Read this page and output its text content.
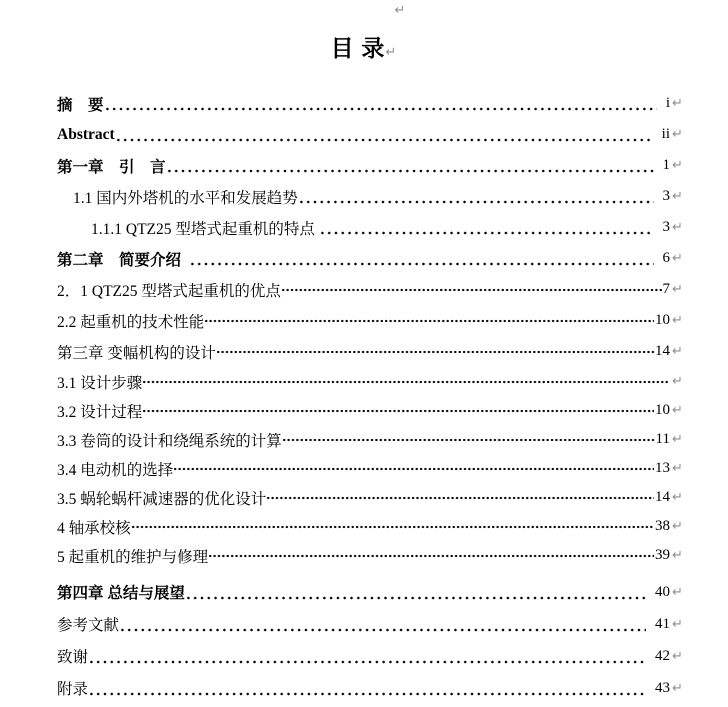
↵
目 录↵
摘　要	i ↵
Abstract	ii ↵
第一章　引　言	1 ↵
1.1 国内外塔机的水平和发展趋势	3 ↵
1.1.1 QTZ25 型塔式起重机的特点	3 ↵
第二章　简要介绍	6 ↵
2．1 QTZ25 型塔式起重机的优点	7 ↵
2.2 起重机的技术性能	10 ↵
第三章 变幅机构的设计	14 ↵
3.1 设计步骤	↵
3.2 设计过程	10 ↵
3.3 卷筒的设计和绕绳系统的计算	11 ↵
3.4 电动机的选择	13 ↵
3.5 蜗轮蜗杆减速器的优化设计	14 ↵
4 轴承校核	38 ↵
5 起重机的维护与修理	39 ↵
第四章 总结与展望	40 ↵
参考文献	41 ↵
致谢	42 ↵
附录	43 ↵
